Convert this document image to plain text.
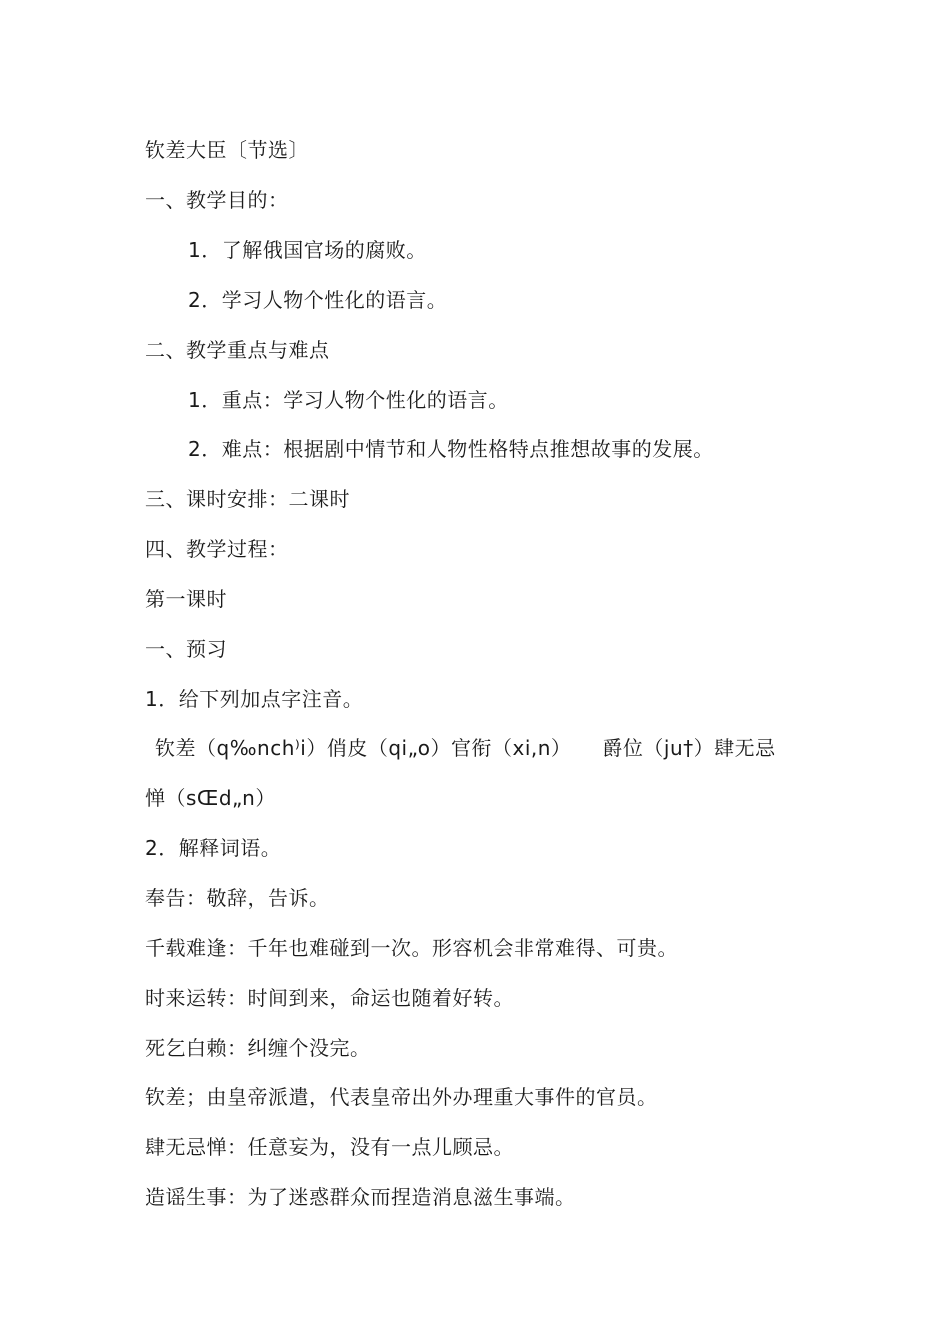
钦差大臣〔节选〕
一、教学目的：
1．了解俄国官场的腐败。
2．学习人物个性化的语言。
二、教学重点与难点
1．重点：学习人物个性化的语言。
2．难点：根据剧中情节和人物性格特点推想故事的发展。
三、课时安排：二课时
四、教学过程：
第一课时
一、预习
1．给下列加点字注音。
钦差（q‰nch⁾i）俏皮（qi„o）官衔（xi,n）　　爵位（ju†）肆无忌
惮（sŒd„n）
2．解释词语。
奉告：敬辞，告诉。
千载难逢：千年也难碰到一次。形容机会非常难得、可贵。
时来运转：时间到来，命运也随着好转。
死乞白赖：纠缠个没完。
钦差；由皇帝派遣，代表皇帝出外办理重大事件的官员。
肆无忌惮：任意妄为，没有一点儿顾忌。
造谣生事：为了迷惑群众而捏造消息滋生事端。
